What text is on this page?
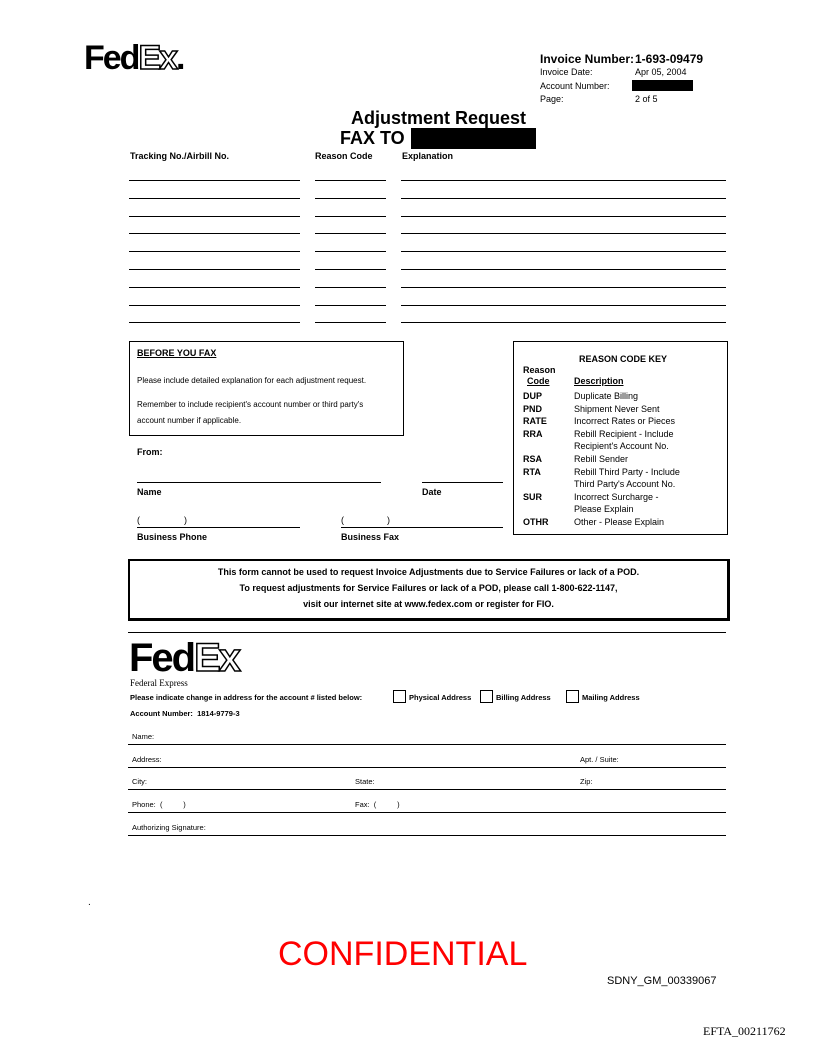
FedEx.	Invoice Number: 1-693-09479
Invoice Date:	Apr 05, 2004
Account Number:
Page:	2 of 5
Adjustment Request
FAX TO
Tracking No./Airbill No.	Reason Code	Explanation
BEFORE YOU FAX
Please include detailed explanation for each adjustment request.
Remember to include recipient's account number or third party's
account number if applicable.
From:
Name	Date
(	)	(	)
Business Phone	Business Fax
REASON CODE KEY
Reason
Code	Description
DUP	Duplicate Billing
PND	Shipment Never Sent
RATE	Incorrect Rates or Pieces
RRA	Rebill Recipient - Include
Recipient's Account No.
RSA	Rebill Sender
RTA	Rebill Third Party - Include
Third Party's Account No.
SUR	Incorrect Surcharge -
Please Explain
OTHR	Other - Please Explain
This form cannot be used to request Invoice Adjustments due to Service Failures or lack of a POD.
To request adjustments for Service Failures or lack of a POD, please call 1-800-622-1147,
visit our internet site at www.fedex.com or register for FIO.
FedEx
Federal Express
Please indicate change in address for the account # listed below:	Physical Address	Billing Address	Mailing Address
Account Number: 1814-9779-3
Name:
Address:	Apt. / Suite:
City:	State:	Zip:
Phone:  (          )	Fax:  (          )
Authorizing Signature:
.
CONFIDENTIAL
SDNY_GM_00339067
EFTA_00211762
